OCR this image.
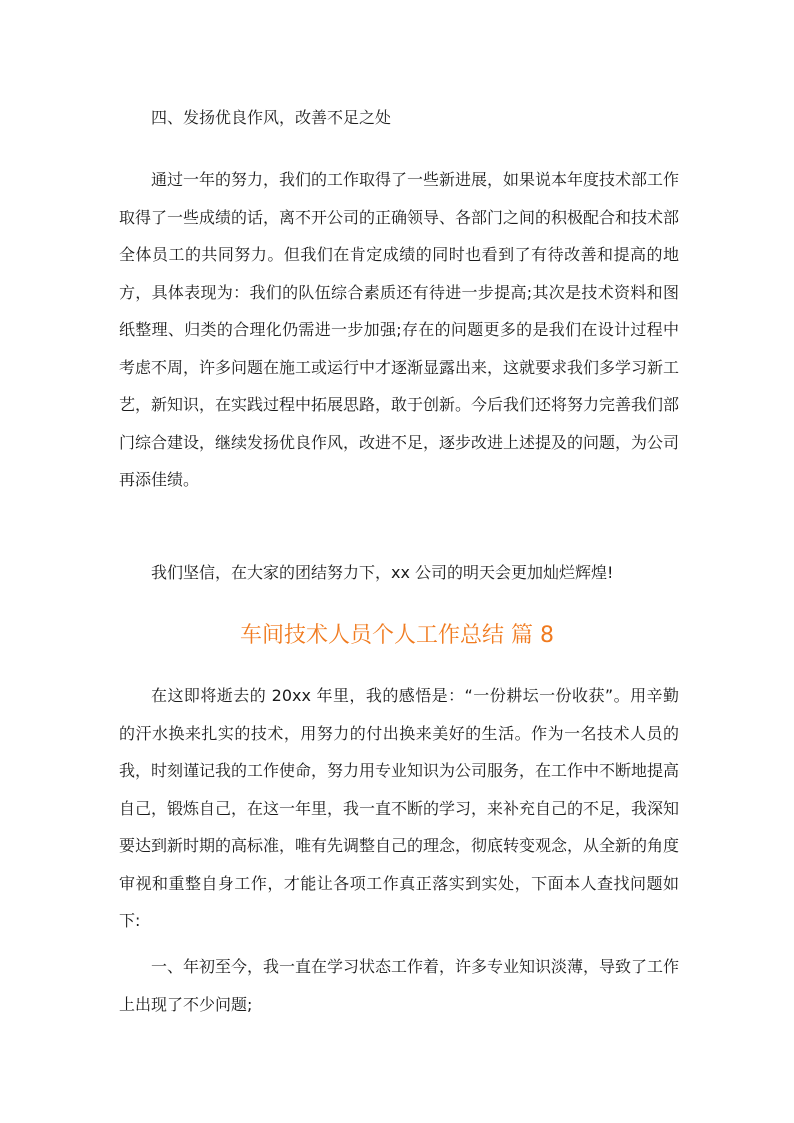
四、发扬优良作风，改善不足之处

通过一年的努力，我们的工作取得了一些新进展，如果说本年度技术部工作取得了一些成绩的话，离不开公司的正确领导、各部门之间的积极配合和技术部全体员工的共同努力。但我们在肯定成绩的同时也看到了有待改善和提高的地方，具体表现为：我们的队伍综合素质还有待进一步提高;其次是技术资料和图纸整理、归类的合理化仍需进一步加强;存在的问题更多的是我们在设计过程中考虑不周，许多问题在施工或运行中才逐渐显露出来，这就要求我们多学习新工艺，新知识，在实践过程中拓展思路，敢于创新。今后我们还将努力完善我们部门综合建设，继续发扬优良作风，改进不足，逐步改进上述提及的问题，为公司再添佳绩。

我们坚信，在大家的团结努力下，xx 公司的明天会更加灿烂辉煌!

车间技术人员个人工作总结 篇 8

在这即将逝去的 20xx 年里，我的感悟是：“一份耕坛一份收获”。用辛勤的汗水换来扎实的技术，用努力的付出换来美好的生活。作为一名技术人员的我，时刻谨记我的工作使命，努力用专业知识为公司服务，在工作中不断地提高自己，锻炼自己，在这一年里，我一直不断的学习，来补充自己的不足，我深知要达到新时期的高标准，唯有先调整自己的理念，彻底转变观念，从全新的角度审视和重整自身工作，才能让各项工作真正落实到实处，下面本人查找问题如下:

一、年初至今，我一直在学习状态工作着，许多专业知识淡薄，导致了工作上出现了不少问题;
